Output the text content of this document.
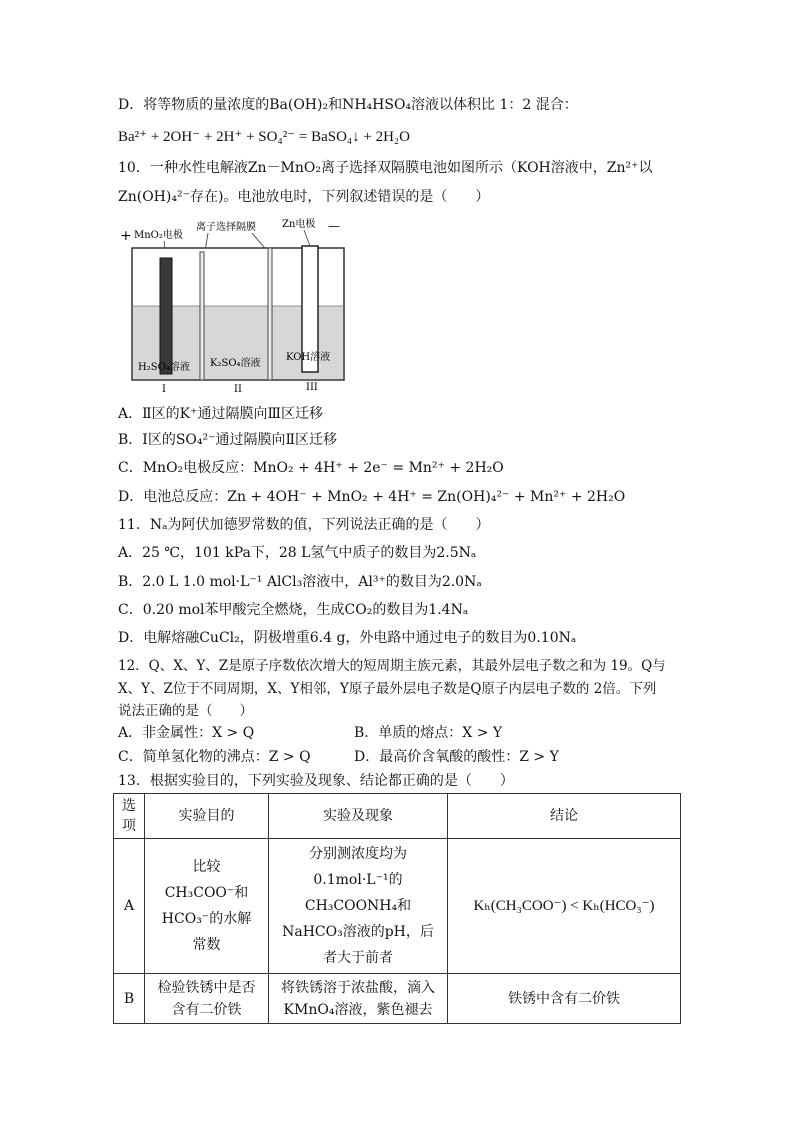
D．将等物质的量浓度的Ba(OH)₂和NH₄HSO₄溶液以体积比 1：2 混合：
Ba²⁺ + 2OH⁻ + 2H⁺ + SO₄²⁻ = BaSO₄↓ + 2H₂O
10．一种水性电解液Zn－MnO₂离子选择双隔膜电池如图所示（KOH溶液中，Zn²⁺以
Zn(OH)₄²⁻存在)。电池放电时，下列叙述错误的是（　　）
+ MnO₂电极
离子选择隔膜	Zn电极 —
H₂SO₄溶液 K₂SO₄溶液
KOH溶液
I	II	III
A．Ⅱ区的K⁺通过隔膜向Ⅲ区迁移
B．Ⅰ区的SO₄²⁻通过隔膜向Ⅱ区迁移
C．MnO₂电极反应：MnO₂ + 4H⁺ + 2e⁻ = Mn²⁺ + 2H₂O
D．电池总反应：Zn + 4OH⁻ + MnO₂ + 4H⁺ = Zn(OH)₄²⁻ + Mn²⁺ + 2H₂O
11．Nₐ为阿伏加德罗常数的值，下列说法正确的是（　　）
A．25 ℃，101 kPa下，28 L氢气中质子的数目为2.5Nₐ
B．2.0 L 1.0 mol·L⁻¹ AlCl₃溶液中，Al³⁺的数目为2.0Nₐ
C．0.20 mol苯甲酸完全燃烧，生成CO₂的数目为1.4Nₐ
D．电解熔融CuCl₂，阴极增重6.4 g，外电路中通过电子的数目为0.10Nₐ
12．Q、X、Y、Z是原子序数依次增大的短周期主族元素，其最外层电子数之和为 19。Q与
X、Y、Z位于不同周期，X、Y相邻，Y原子最外层电子数是Q原子内层电子数的 2倍。下列
说法正确的是（　　）
A．非金属性：X > Q	B．单质的熔点：X > Y
C．简单氢化物的沸点：Z > Q	D．最高价含氧酸的酸性：Z > Y
13．根据实验目的，下列实验及现象、结论都正确的是（　　）
选项	实验目的	实验及现象	结论
A	比较CH₃COO⁻和HCO₃⁻的水解常数	分别测浓度均为0.1mol·L⁻¹的CH₃COONH₄和NaHCO₃溶液的pH，后者大于前者	Kₕ(CH₃COO⁻) < Kₕ(HCO₃⁻)
B	检验铁锈中是否含有二价铁	将铁锈溶于浓盐酸，滴入KMnO₄溶液，紫色褪去	铁锈中含有二价铁
